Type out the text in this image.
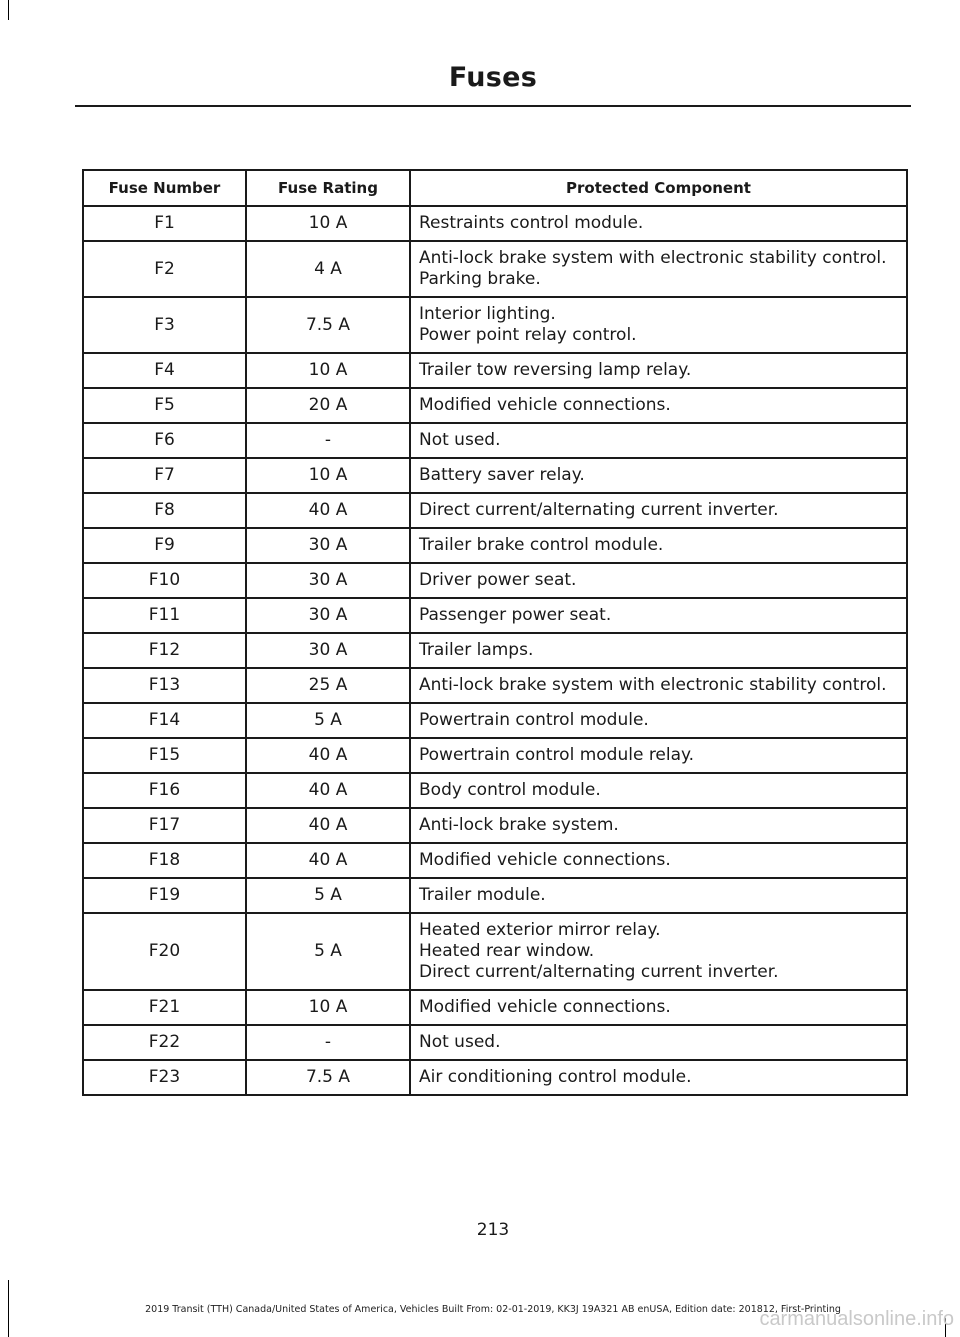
Fuses
Fuse Number	Fuse Rating	Protected Component
F1	10 A	Restraints control module.

F2	4 A	Anti-lock brake system with electronic stability control.
Parking brake.

F3	7.5 A	Interior lighting.
Power point relay control.

F4	10 A	Trailer tow reversing lamp relay.

F5	20 A	Modified vehicle connections.

F6	-	Not used.

F7	10 A	Battery saver relay.

F8	40 A	Direct current/alternating current inverter.

F9	30 A	Trailer brake control module.

F10	30 A	Driver power seat.

F11	30 A	Passenger power seat.

F12	30 A	Trailer lamps.

F13	25 A	Anti-lock brake system with electronic stability control.

F14	5 A	Powertrain control module.

F15	40 A	Powertrain control module relay.

F16	40 A	Body control module.

F17	40 A	Anti-lock brake system.

F18	40 A	Modified vehicle connections.

F19	5 A	Trailer module.

F20	5 A	Heated exterior mirror relay.
Heated rear window.
Direct current/alternating current inverter.

F21	10 A	Modified vehicle connections.

F22	-	Not used.

F23	7.5 A	Air conditioning control module.
213
2019 Transit (TTH) Canada/United States of America, Vehicles Built From: 02-01-2019, KK3J 19A321 AB enUSA, Edition date: 201812, First-Printing
carmanualsonline.info
